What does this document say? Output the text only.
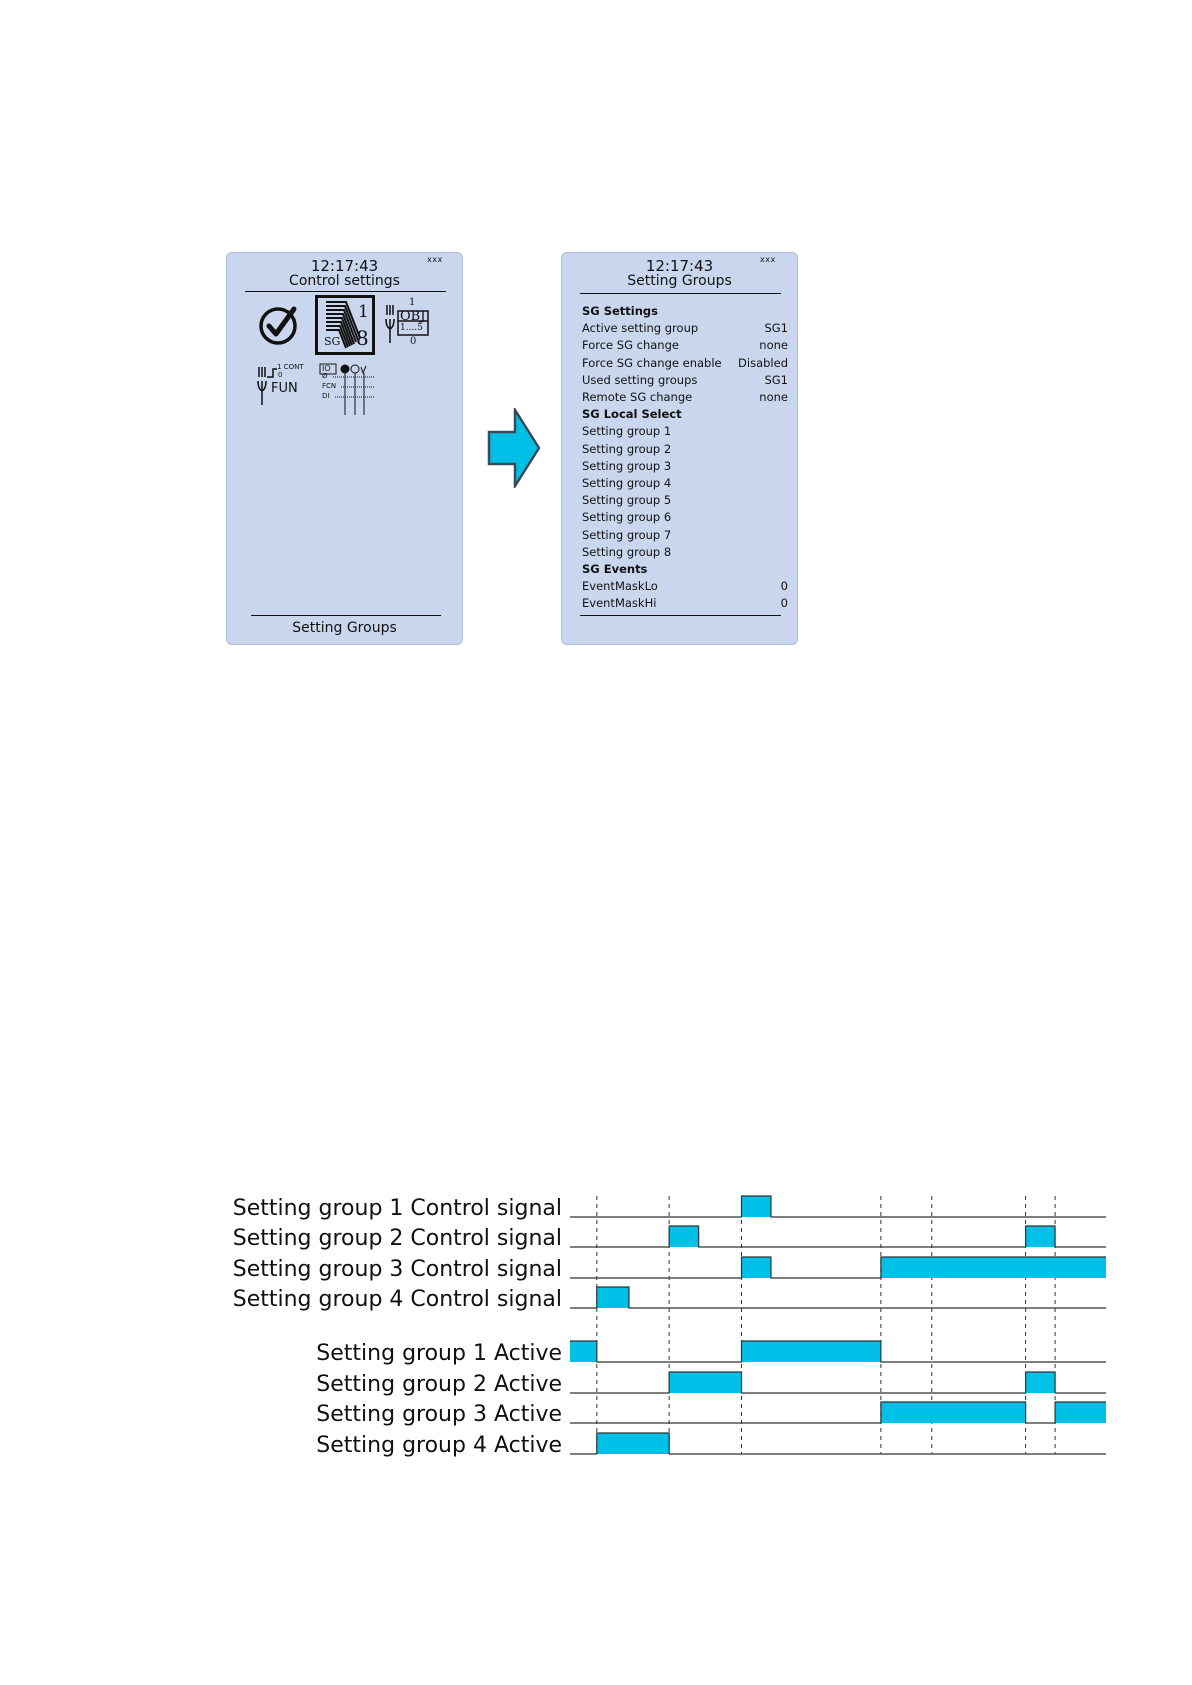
12:17:43	xxx
Control settings
SG
1
8
1
OBJ
1....5
0
1 CONT
0
FUN
IO
Ø
FCN
DI
Setting Groups
12:17:43	xxx
Setting Groups
SG Settings
Active setting group	SG1
Force SG change	none
Force SG change enable Disabled
Used setting groups	SG1
Remote SG change	none
SG Local Select
Setting group 1
Setting group 2
Setting group 3
Setting group 4
Setting group 5
Setting group 6
Setting group 7
Setting group 8
SG Events
EventMaskLo	0
EventMaskHi	0
Setting group 1 Control signal
Setting group 2 Control signal
Setting group 3 Control signal
Setting group 4 Control signal
Setting group 1 Active
Setting group 2 Active
Setting group 3 Active
Setting group 4 Active
